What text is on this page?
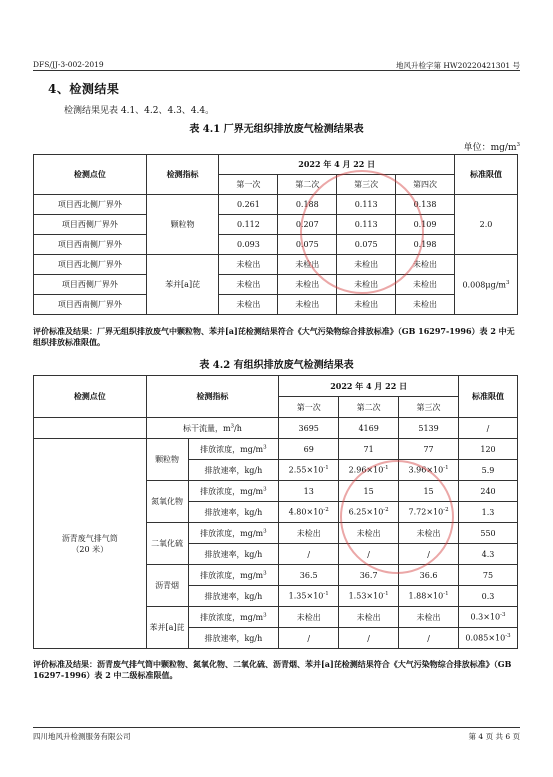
DFS/JJ-3-002-2019	地风升检字第 HW20220421301 号
4、检测结果
检测结果见表 4.1、4.2、4.3、4.4。
表 4.1 厂界无组织排放废气检测结果表
单位：$mg/m^3$
检测点位	检测指标	2022 年 4 月 22 日				标准限值
		第一次	第二次	第三次	第四次	
项目西北侧厂界外	颗粒物	0.261	0.188	0.113	0.138	2.0
项目西侧厂界外		0.112	0.207	0.113	0.109	
项目西南侧厂界外		0.093	0.075	0.075	0.198	
项目西北侧厂界外	苯并[a]芘	未检出	未检出	未检出	未检出	$0.008\mu g/m^3$
项目西侧厂界外		未检出	未检出	未检出	未检出	
项目西南侧厂界外		未检出	未检出	未检出	未检出	
评价标准及结果：厂界无组织排放废气中颗粒物、苯并[a]芘检测结果符合《大气污染物综合排放标准》（GB 16297-1996）表 2 中无组织排放标准限值。
表 4.2 有组织排放废气检测结果表
检测点位	检测指标		2022 年 4 月 22 日			标准限值
			第一次	第二次	第三次	
	标干流量，$m^3/h$		3695	4169	5139	/

沥青废气排气筒
（20 米）	颗粒物	排放浓度，$mg/m^3$	69	71	77	120
		排放速率，kg/h	$2.55\times 10^{-1}$	$2.96\times 10^{-1}$	$3.96\times 10^{-1}$	5.9
	氮氧化物	排放浓度，$mg/m^3$	13	15	15	240
		排放速率，kg/h	$4.80\times 10^{-2}$	$6.25\times 10^{-2}$	$7.72\times 10^{-2}$	1.3
	二氧化硫	排放浓度，$mg/m^3$	未检出	未检出	未检出	550
		排放速率，kg/h	/	/	/	4.3
	沥青烟	排放浓度，$mg/m^3$	36.5	36.7	36.6	75
		排放速率，kg/h	$1.35\times 10^{-1}$	$1.53\times 10^{-1}$	$1.88\times 10^{-1}$	0.3
	苯并[a]芘	排放浓度，$mg/m^3$	未检出	未检出	未检出	$0.3\times 10^{-3}$
		排放速率，kg/h	/	/	/	$0.085\times 10^{-3}$
评价标准及结果：沥青废气排气筒中颗粒物、氮氧化物、二氧化硫、沥青烟、苯并[a]芘检测结果符合《大气污染物综合排放标准》（GB 16297-1996）表 2 中二级标准限值。
四川地风升检测服务有限公司	第 4 页 共 6 页
